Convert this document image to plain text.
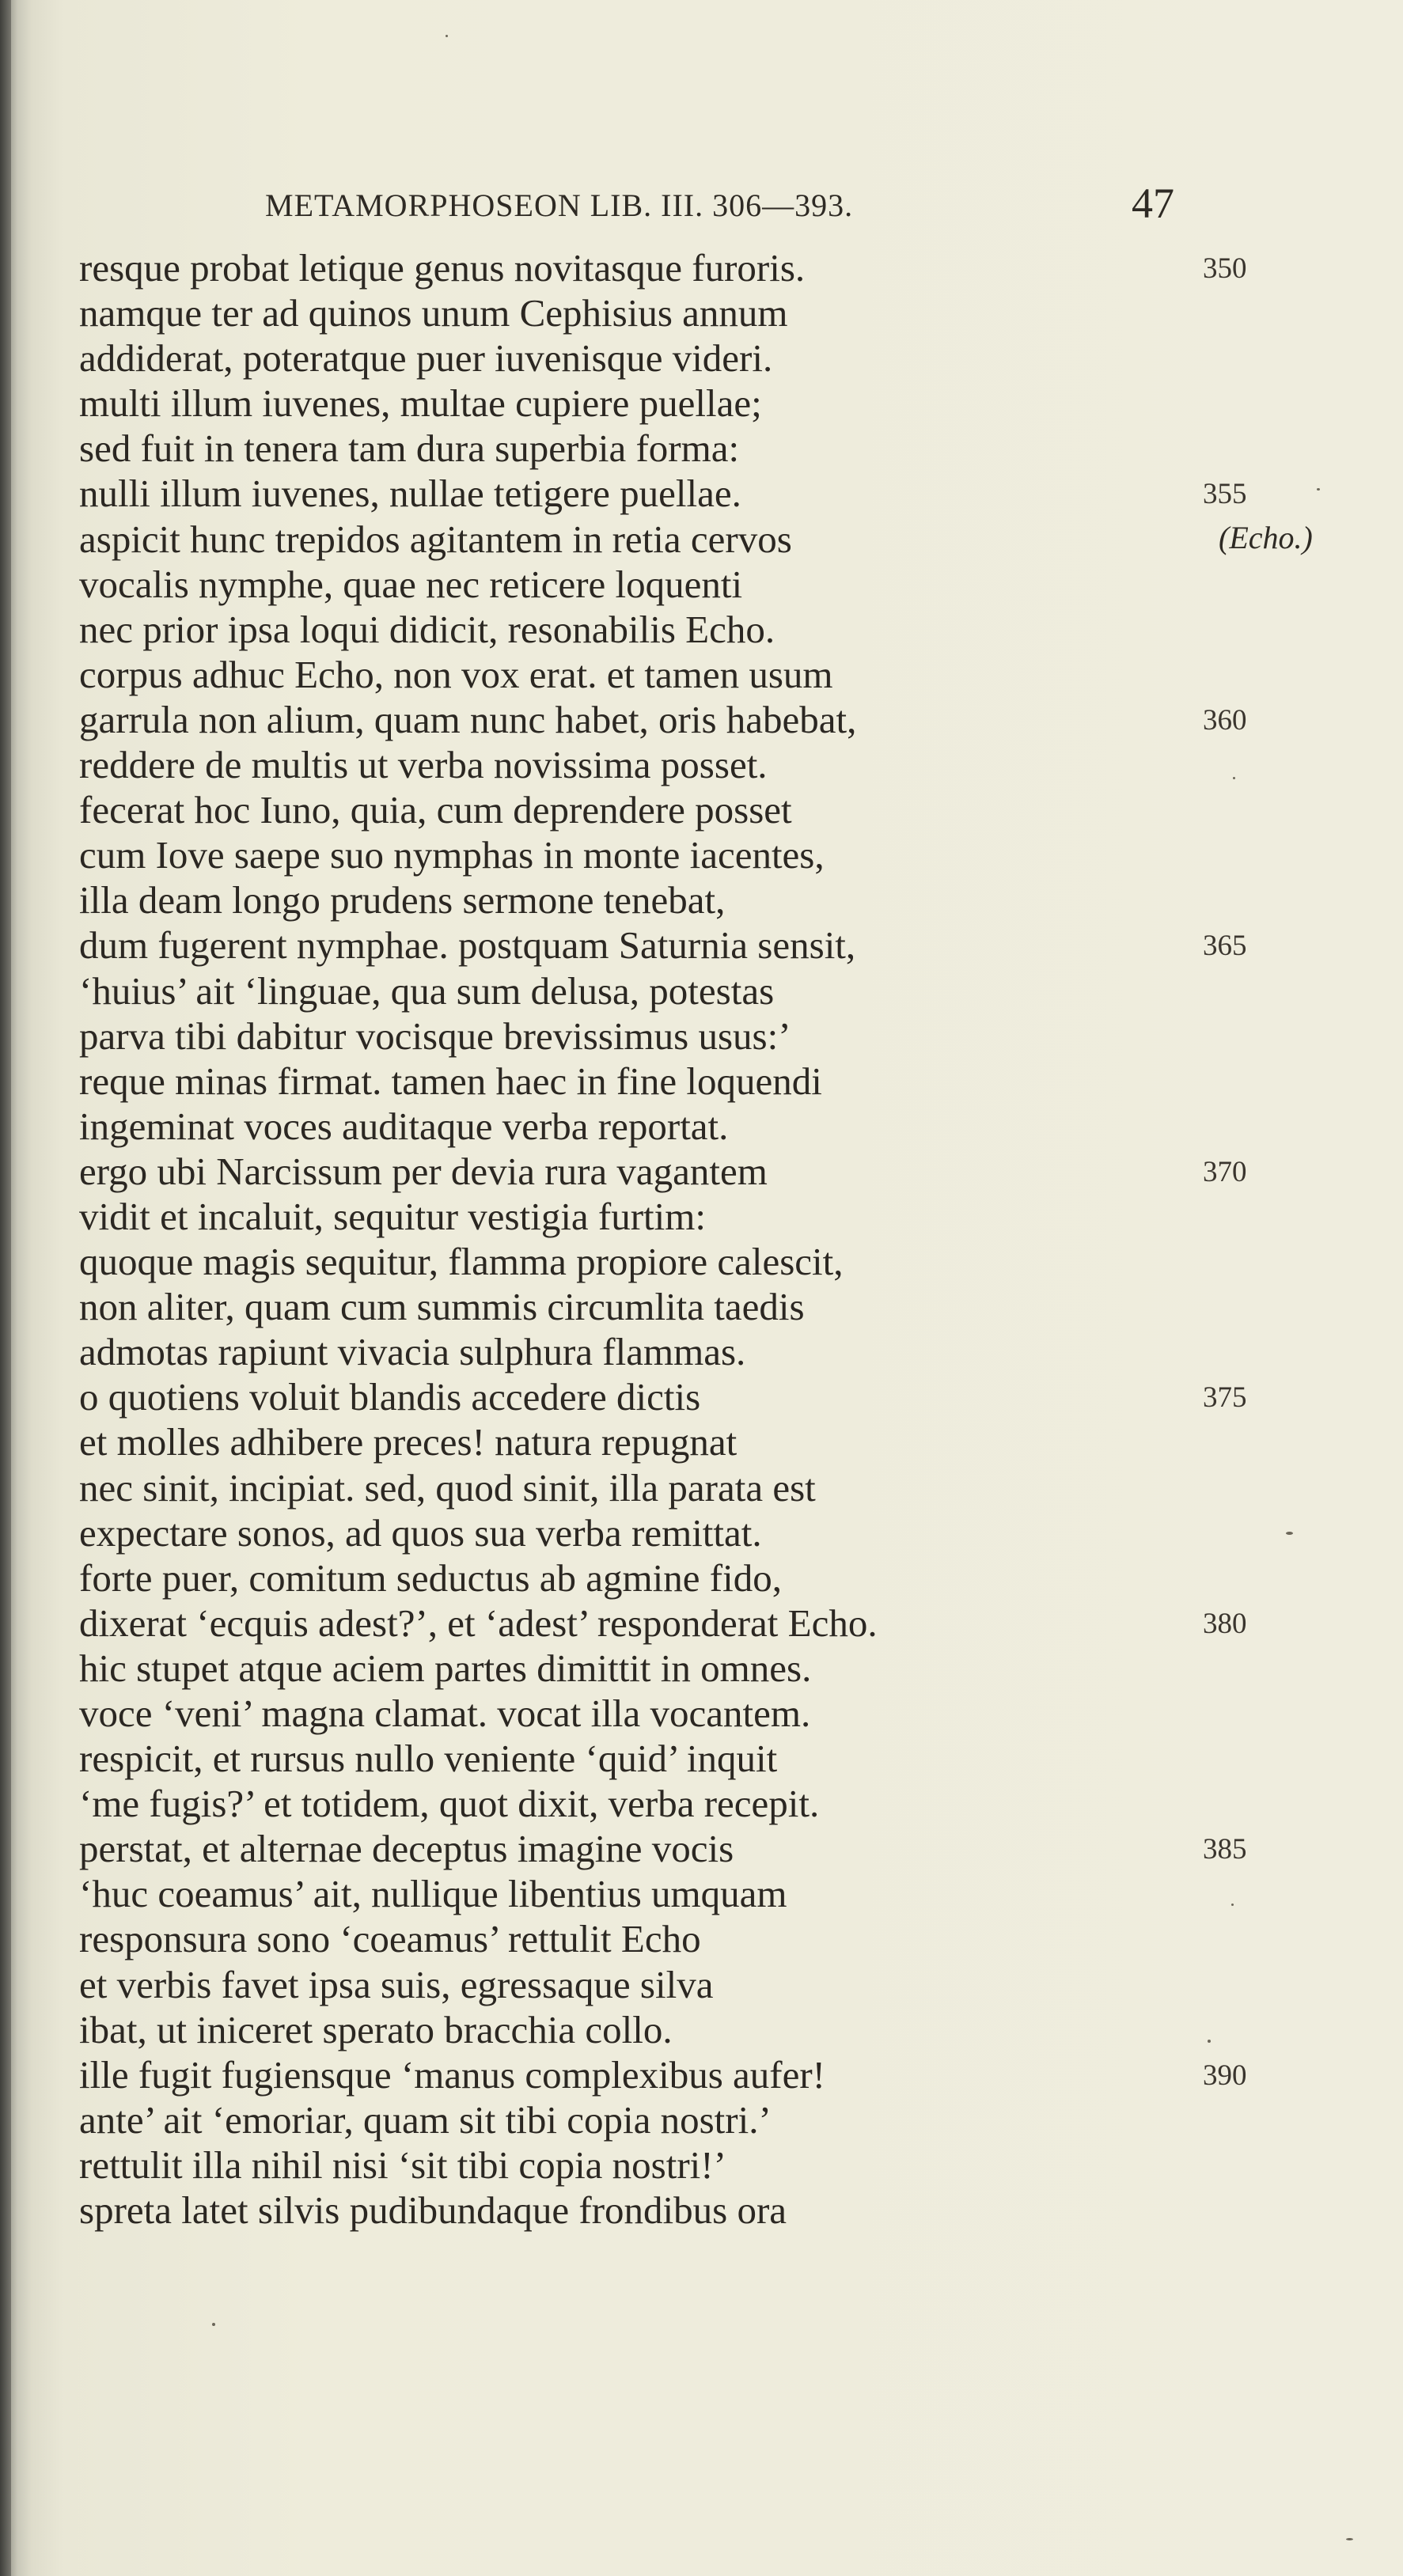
METAMORPHOSEON LIB. III. 306—393.	47
resque probat letique genus novitasque furoris.	350
namque ter ad quinos unum Cephisius annum
addiderat, poteratque puer iuvenisque videri.
multi illum iuvenes, multae cupiere puellae;
sed fuit in tenera tam dura superbia forma:
nulli illum iuvenes, nullae tetigere puellae.	355
aspicit hunc trepidos agitantem in retia cervos	(Echo.)
vocalis nymphe, quae nec reticere loquenti
nec prior ipsa loqui didicit, resonabilis Echo.
corpus adhuc Echo, non vox erat. et tamen usum
garrula non alium, quam nunc habet, oris habebat,	360
reddere de multis ut verba novissima posset.
fecerat hoc Iuno, quia, cum deprendere posset
cum Iove saepe suo nymphas in monte iacentes,
illa deam longo prudens sermone tenebat,
dum fugerent nymphae. postquam Saturnia sensit,	365
‘huius’ ait ‘linguae, qua sum delusa, potestas
parva tibi dabitur vocisque brevissimus usus:’
reque minas firmat. tamen haec in fine loquendi
ingeminat voces auditaque verba reportat.
ergo ubi Narcissum per devia rura vagantem	370
vidit et incaluit, sequitur vestigia furtim:
quoque magis sequitur, flamma propiore calescit,
non aliter, quam cum summis circumlita taedis
admotas rapiunt vivacia sulphura flammas.
o quotiens voluit blandis accedere dictis	375
et molles adhibere preces! natura repugnat
nec sinit, incipiat. sed, quod sinit, illa parata est
expectare sonos, ad quos sua verba remittat.
forte puer, comitum seductus ab agmine fido,
dixerat ‘ecquis adest?’, et ‘adest’ responderat Echo.	380
hic stupet atque aciem partes dimittit in omnes.
voce ‘veni’ magna clamat. vocat illa vocantem.
respicit, et rursus nullo veniente ‘quid’ inquit
‘me fugis?’ et totidem, quot dixit, verba recepit.
perstat, et alternae deceptus imagine vocis	385
‘huc coeamus’ ait, nullique libentius umquam
responsura sono ‘coeamus’ rettulit Echo
et verbis favet ipsa suis, egressaque silva
ibat, ut iniceret sperato bracchia collo.
ille fugit fugiensque ‘manus complexibus aufer!	390
ante’ ait ‘emoriar, quam sit tibi copia nostri.’
rettulit illa nihil nisi ‘sit tibi copia nostri!’
spreta latet silvis pudibundaque frondibus ora
